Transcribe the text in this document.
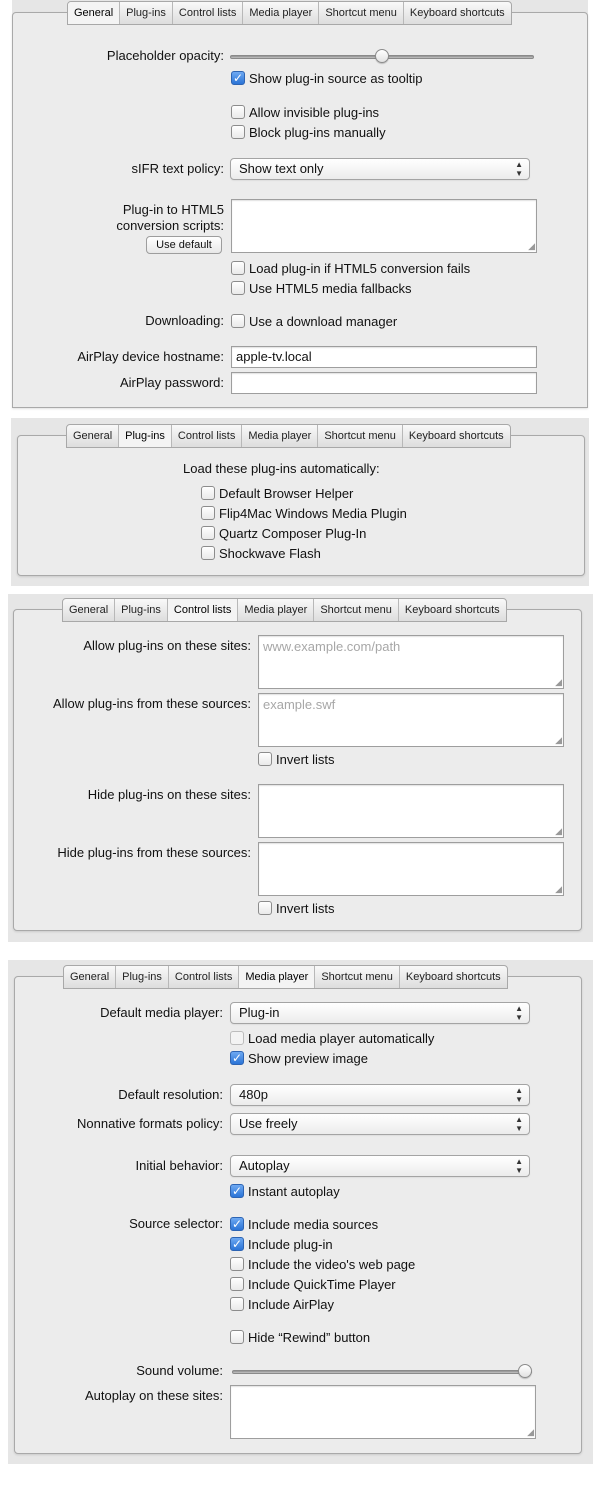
General	Plug-ins	Control lists	Media player	Shortcut menu	Keyboard shortcuts
Placeholder opacity:
✓ Show plug-in source as tooltip
Allow invisible plug-ins
Block plug-ins manually
sIFR text policy:	Show text only	▲
▼
Plug-in to HTML5
conversion scripts:
Use default	◢
Load plug-in if HTML5 conversion fails
Use HTML5 media fallbacks
Downloading: Use a download manager
AirPlay device hostname: apple-tv.local
AirPlay password:
General	Plug-ins	Control lists	Media player	Shortcut menu	Keyboard shortcuts
Load these plug-ins automatically:
Default Browser Helper
Flip4Mac Windows Media Plugin
Quartz Composer Plug-In
Shockwave Flash
General	Plug-ins	Control lists	Media player	Shortcut menu	Keyboard shortcuts
Allow plug-ins on these sites: www.example.com/path
◢
Allow plug-ins from these sources: example.swf
◢
Invert lists
Hide plug-ins on these sites:
◢
Hide plug-ins from these sources:
◢
Invert lists
General	Plug-ins	Control lists	Media player	Shortcut menu	Keyboard shortcuts
Default media player:	Plug-in	▲
▼
Load media player automatically
✓ Show preview image
Default resolution:	480p	▲
▼
Nonnative formats policy:	Use freely	▲
▼
Initial behavior:	Autoplay	▲
▼
✓ Instant autoplay
Source selector: ✓ Include media sources
✓ Include plug-in
Include the video's web page
Include QuickTime Player
Include AirPlay
Hide “Rewind” button
Sound volume:
Autoplay on these sites:
◢
